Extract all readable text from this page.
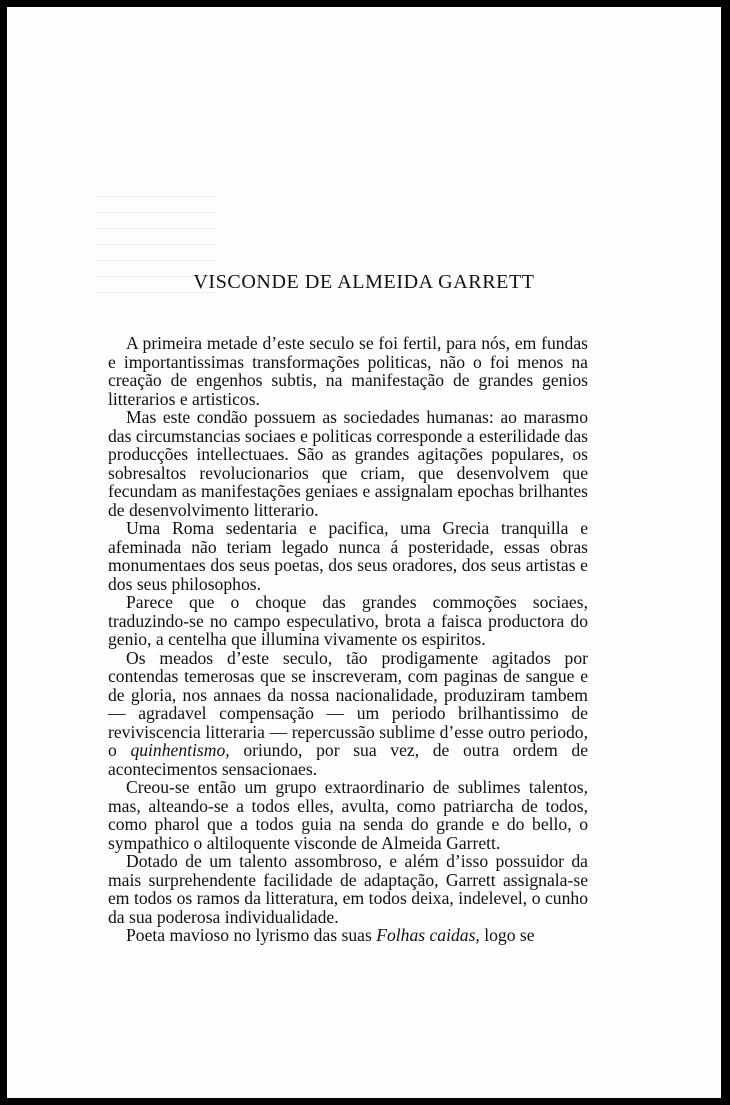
VISCONDE DE ALMEIDA GARRETT

A primeira metade d’este seculo se foi fertil, para nós, em fundas e importantissimas transformações politicas, não o foi menos na creação de engenhos subtis, na manifestação de grandes genios litterarios e artisticos.

Mas este condão possuem as sociedades humanas: ao marasmo das circumstancias sociaes e politicas corresponde a esterilidade das producções intellectuaes. São as grandes agitações populares, os sobresaltos revolucionarios que criam, que desenvolvem que fecundam as manifestações geniaes e assignalam epochas brilhantes de desenvolvimento litterario.

Uma Roma sedentaria e pacifica, uma Grecia tranquilla e afeminada não teriam legado nunca á posteridade, essas obras monumentaes dos seus poetas, dos seus oradores, dos seus artistas e dos seus philosophos.

Parece que o choque das grandes commoções sociaes, traduzindo-se no campo especulativo, brota a faisca productora do genio, a centelha que illumina vivamente os espiritos.

Os meados d’este seculo, tão prodigamente agitados por contendas temerosas que se inscreveram, com paginas de sangue e de gloria, nos annaes da nossa nacionalidade, produziram tambem — agradavel compensação — um periodo brilhantissimo de reviviscencia litteraria — repercussão sublime d’esse outro periodo, o quinhentismo, oriundo, por sua vez, de outra ordem de acontecimentos sensacionaes.

Creou-se então um grupo extraordinario de sublimes talentos, mas, alteando-se a todos elles, avulta, como patriarcha de todos, como pharol que a todos guia na senda do grande e do bello, o sympathico o altiloquente visconde de Almeida Garrett.

Dotado de um talento assombroso, e além d’isso possuidor da mais surprehendente facilidade de adaptação, Garrett assignala-se em todos os ramos da litteratura, em todos deixa, indelevel, o cunho da sua poderosa individualidade.

Poeta mavioso no lyrismo das suas Folhas caidas, logo se
